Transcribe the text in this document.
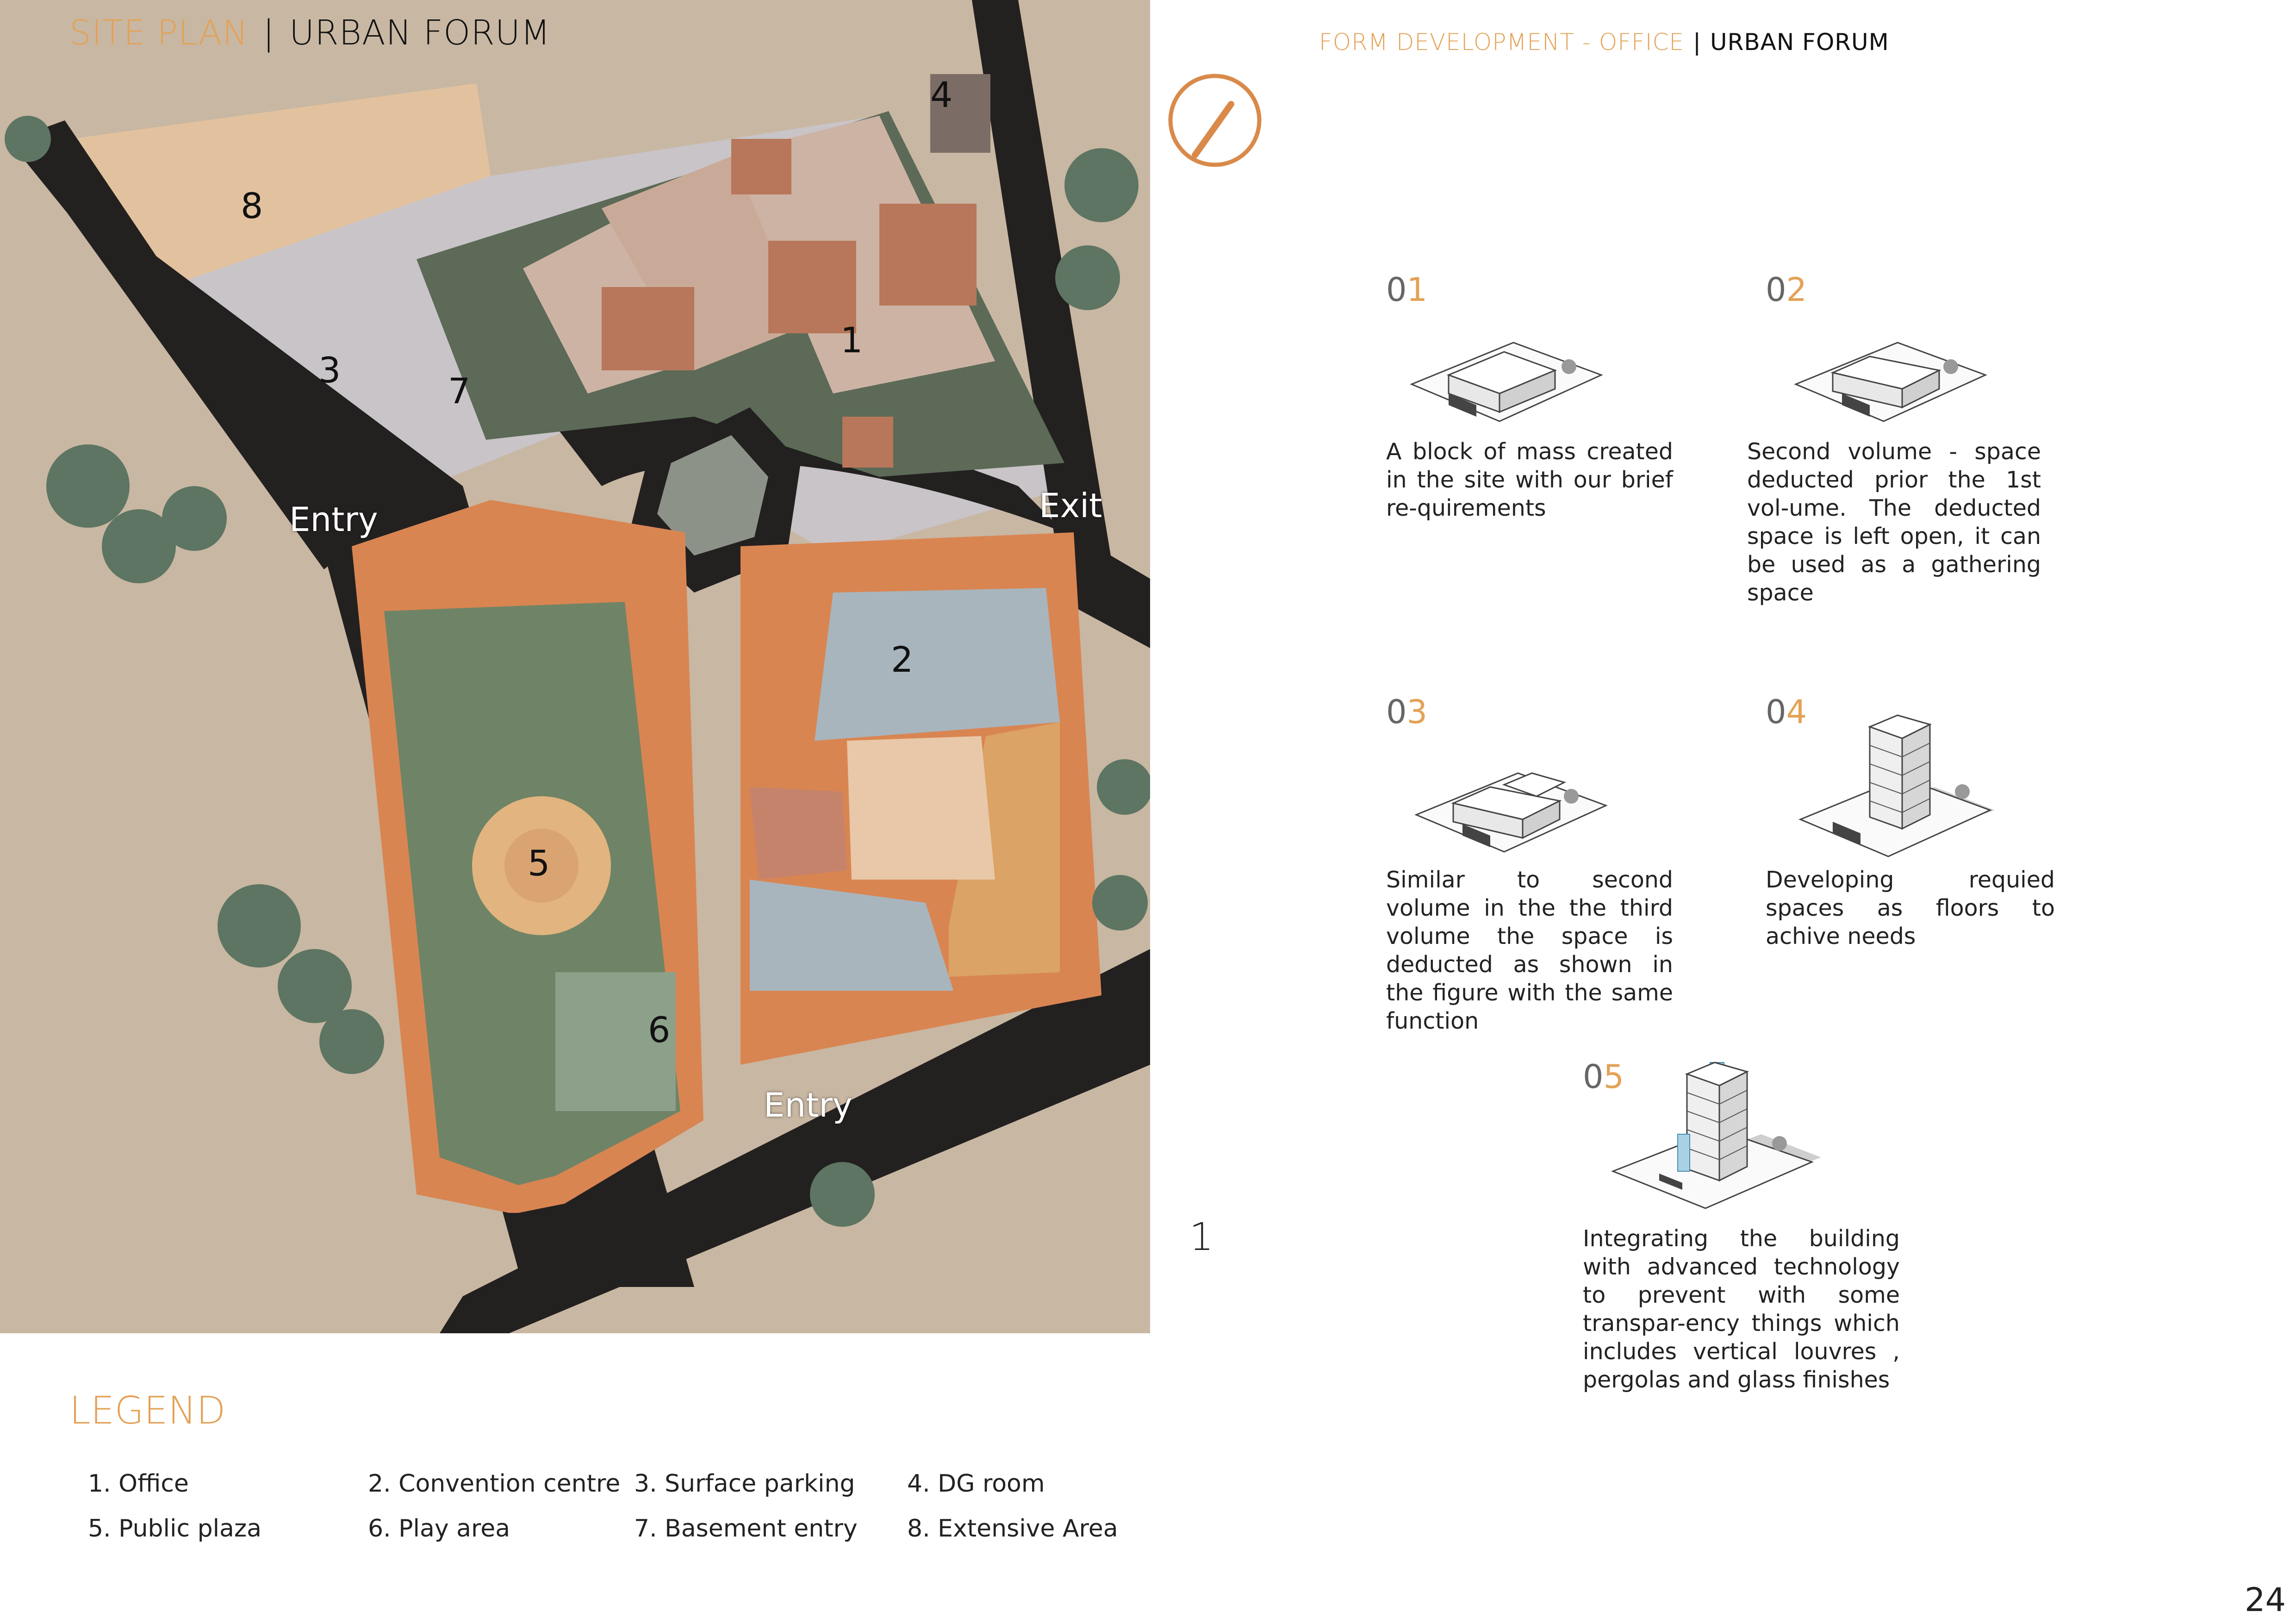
1
2
3
4
5
6
7
8
Entry
Entry
Exit
SITE PLAN | URBAN FORUM
LEGEND
1. Office	2. Convention centre 3. Surface parking 4. DG room
5. Public plaza	6. Play area	7. Basement entry 8. Extensive Area
FORM DEVELOPMENT - OFFICE | URBAN FORUM
01
A block of mass created in the site with our brief re-quirements
02
Second volume - space deducted prior the 1st vol-ume. The deducted space is left open, it can be used as a gathering space
03
Similar to second volume in the the third volume the space is deducted as shown in the figure with the same function
04
Developing requied spaces as floors to achive needs
05
Integrating the building with advanced technology to prevent with some transpar-ency things which includes vertical louvres , pergolas and glass finishes
1
24
